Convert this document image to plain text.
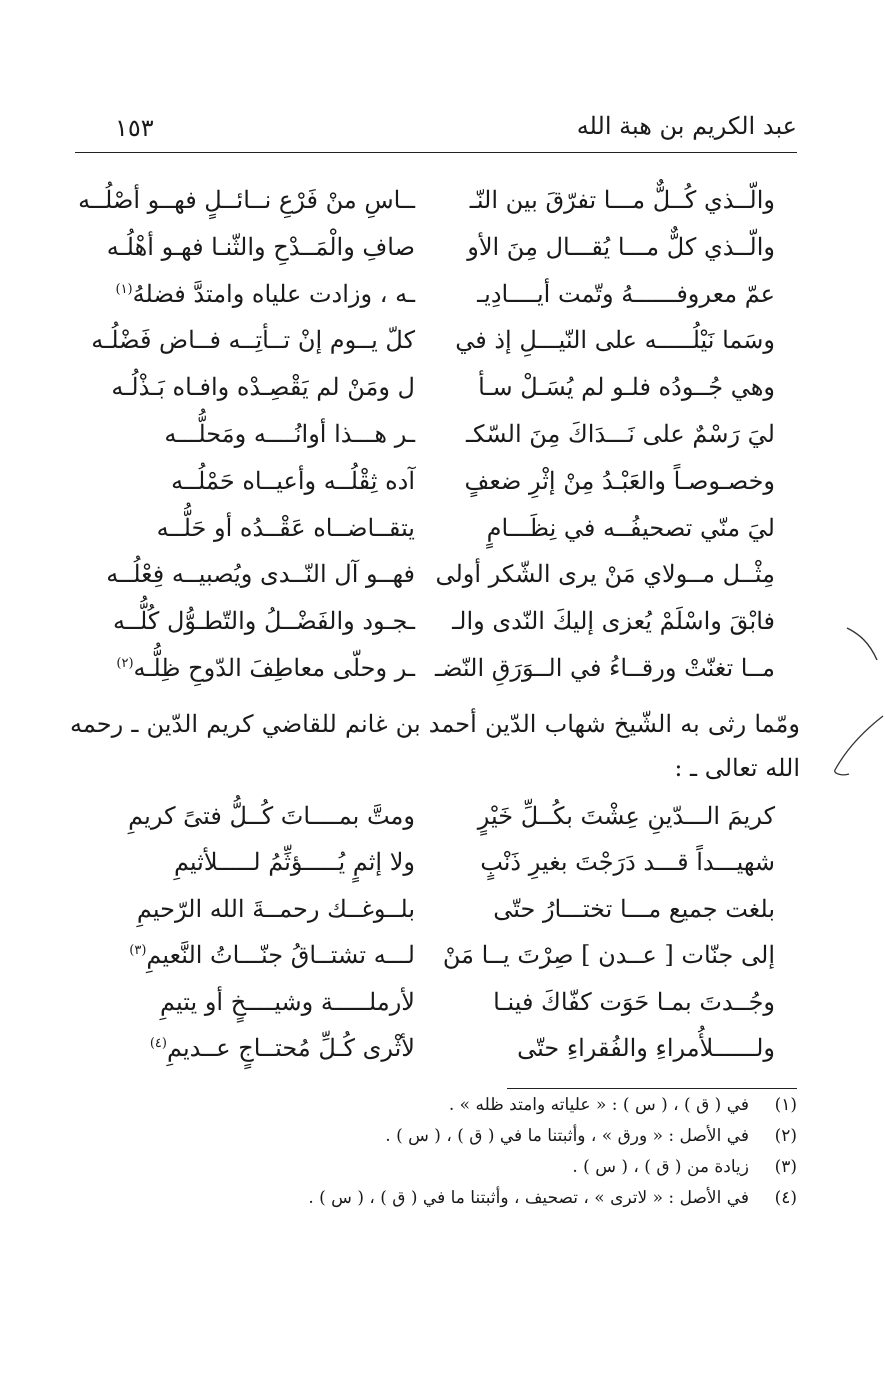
عبد الكريم بن هبة الله
١٥٣
والّــذي كُــلٌّ مـــا تفرّقَ بين النّـ
ــاسِ منْ فَرْعِ نــائــلٍ فهــو أصْلُــه
والّــذي كلٌّ مـــا يُقـــال مِنَ الأو
صافِ والْمَــدْحِ والثّنـا فهـو أهْلُـه
عمّ معروفــــــهُ وتّمت أيــــادِيـ
ـه ، وزادت علياه وامتدَّ فضلهُ$^{(١)}$
وسَما نَيْلُـــــه على النّيـــلِ إذ في
كلّ يــوم إنْ تــأتِــه فــاض فَضْلُـه
وهي جُــودُه فلـو لم يُسَـلْ سـأ
ل ومَنْ لم يَقْصِـدْه وافـاه بَـذْلُـه
ليَ رَسْمٌ على نَـــدَاكَ مِنَ السّكـ
ـر هـــذا أوانُــــه ومَحلُّـــه
وخصـوصـاً والعَبْـدُ مِنْ إثْرِ ضعفٍ
آده ثِقْلُــه وأعيــاه حَمْلُــه
ليَ منّي تصحيفُــه في نِظَـــامٍ
يتقــاضــاه عَقْــدُه أو حَلُّــه
مِثْــل مــولاي مَنْ يرى الشّكر أولى
فهــو آل النّــدى ويُصبيــه فِعْلُــه
فابْقَ واسْلَمْ يُعزى إليكَ النّدى والـ
ـجـود والفَضْــلُ والتّطـوُّل كُلُّــه
مــا تغنّتْ ورقــاءُ في الــوَرَقِ النّضـ
ـر وحلّى معاطِفَ الدّوحِ ظِلُّـه$^{(٢)}$
ومّما رثى به الشّيخ شهاب الدّين أحمد بن غانم للقاضي كريم الدّين ـ رحمه الله تعالى ـ :
كريمَ الـــدّينِ عِشْتَ بكُــلِّ خَيْرٍ
ومتَّ بمــــاتَ كُــلُّ فتىً كريمِ
شهيـــداً قـــد دَرَجْتَ بغيرِ ذَنْبٍ
ولا إثمٍ يُـــــؤثِّمُ لـــــلأثيمِ
بلغت جميع مـــا تختـــارُ حتّى
بلــوغــك رحمــةَ الله الرّحيمِ
إلى جنّات [ عــدن ] صِرْتَ يــا مَنْ
لـــه تشتــاقُ جنّـــاتُ النَّعيمِ$^{(٣)}$
وجُــدتَ بمـا حَوَت كفّاكَ فينـا
لأرملـــــة وشيــــخٍ أو يتيمِ
ولــــــلأُمراءِ والفُقراءِ حتّى
لأثْرى كُـلِّ مُحتــاجٍ عــديمِ$^{(٤)}$
(١)
في ( ق ) ، ( س ) : « علياته وامتد ظله » .
(٢)
في الأصل : « ورق » ، وأثبتنا ما في ( ق ) ، ( س ) .
(٣)
زيادة من ( ق ) ، ( س ) .
(٤)
في الأصل : « لاترى » ، تصحيف ، وأثبتنا ما في ( ق ) ، ( س ) .
